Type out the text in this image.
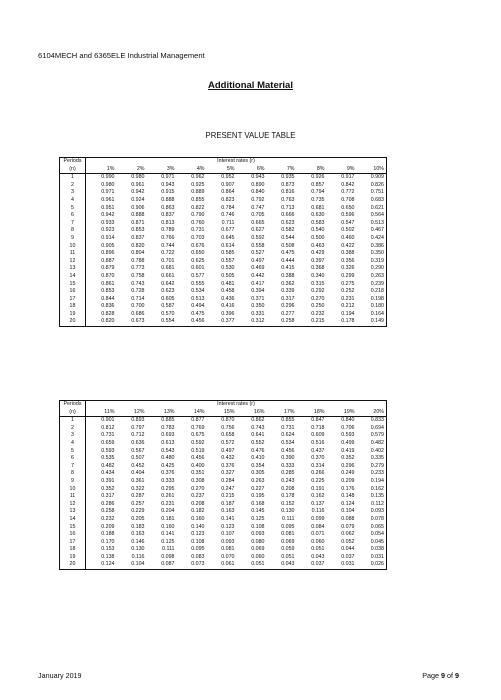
6104MECH and 6365ELE Industrial Management
Additional Material
PRESENT VALUE TABLE
Periods	Interest rates (r)									
(n)	1%	2%	3%	4%	5%	6%	7%	8%	9%	10%
1	0.990	0.980	0.971	0.962	0.952	0.943	0.935	0.926	0.917	0.909
2	0.980	0.961	0.943	0.925	0.907	0.890	0.873	0.857	0.842	0.826
3	0.971	0.942	0.915	0.889	0.864	0.840	0.816	0.794	0.772	0.751
4	0.961	0.924	0.888	0.855	0.823	0.792	0.763	0.735	0.708	0.683
5	0.951	0.906	0.863	0.822	0.784	0.747	0.713	0.681	0.650	0.621
6	0.942	0.888	0.837	0.790	0.746	0.705	0.666	0.630	0.596	0.564
7	0.933	0.871	0.813	0.760	0.711	0.665	0.623	0.583	0.547	0.513
8	0.923	0.853	0.789	0.731	0.677	0.627	0.582	0.540	0.502	0.467
9	0.914	0.837	0.766	0.703	0.645	0.592	0.544	0.500	0.460	0.424
10	0.905	0.820	0.744	0.676	0.614	0.558	0.508	0.463	0.422	0.386
11	0.896	0.804	0.722	0.650	0.585	0.527	0.475	0.429	0.388	0.350
12	0.887	0.788	0.701	0.625	0.557	0.497	0.444	0.397	0.356	0.319
13	0.879	0.773	0.681	0.601	0.530	0.469	0.415	0.368	0.326	0.290
14	0.870	0.758	0.661	0.577	0.505	0.442	0.388	0.340	0.299	0.263
15	0.861	0.743	0.642	0.555	0.481	0.417	0.362	0.315	0.275	0.239
16	0.853	0.728	0.623	0.534	0.458	0.394	0.339	0.292	0.252	0.218
17	0.844	0.714	0.605	0.513	0.436	0.371	0.317	0.270	0.231	0.198
18	0.836	0.700	0.587	0.494	0.416	0.350	0.296	0.250	0.212	0.180
19	0.828	0.686	0.570	0.475	0.396	0.331	0.277	0.232	0.194	0.164
20	0.820	0.673	0.554	0.456	0.377	0.312	0.258	0.215	0.178	0.149
Periods	Interest rates (r)									
(n)	11%	12%	13%	14%	15%	16%	17%	18%	19%	20%
1	0.901	0.893	0.885	0.877	0.870	0.862	0.855	0.847	0.840	0.833
2	0.812	0.797	0.783	0.769	0.756	0.743	0.731	0.718	0.706	0.694
3	0.731	0.712	0.693	0.675	0.658	0.641	0.624	0.609	0.593	0.579
4	0.659	0.636	0.613	0.592	0.572	0.552	0.534	0.516	0.499	0.482
5	0.593	0.567	0.543	0.519	0.497	0.476	0.456	0.437	0.419	0.402
6	0.535	0.507	0.480	0.456	0.432	0.410	0.390	0.370	0.352	0.335
7	0.482	0.452	0.425	0.400	0.376	0.354	0.333	0.314	0.296	0.279
8	0.434	0.404	0.376	0.351	0.327	0.305	0.285	0.266	0.249	0.233
9	0.391	0.361	0.333	0.308	0.284	0.263	0.243	0.225	0.209	0.194
10	0.352	0.322	0.295	0.270	0.247	0.227	0.208	0.191	0.176	0.162
11	0.317	0.287	0.261	0.237	0.215	0.195	0.178	0.162	0.148	0.135
12	0.286	0.257	0.231	0.208	0.187	0.168	0.152	0.137	0.124	0.112
13	0.258	0.229	0.204	0.182	0.163	0.145	0.130	0.116	0.104	0.093
14	0.232	0.205	0.181	0.160	0.141	0.125	0.111	0.099	0.088	0.078
15	0.209	0.183	0.160	0.140	0.123	0.108	0.095	0.084	0.079	0.065
16	0.188	0.163	0.141	0.123	0.107	0.093	0.081	0.071	0.062	0.054
17	0.170	0.146	0.125	0.108	0.093	0.080	0.069	0.060	0.052	0.045
18	0.153	0.130	0.111	0.095	0.081	0.069	0.059	0.051	0.044	0.038
19	0.138	0.116	0.098	0.083	0.070	0.060	0.051	0.043	0.037	0.031
20	0.124	0.104	0.087	0.073	0.061	0.051	0.043	0.037	0.031	0.026
January 2019	Page 9 of 9
